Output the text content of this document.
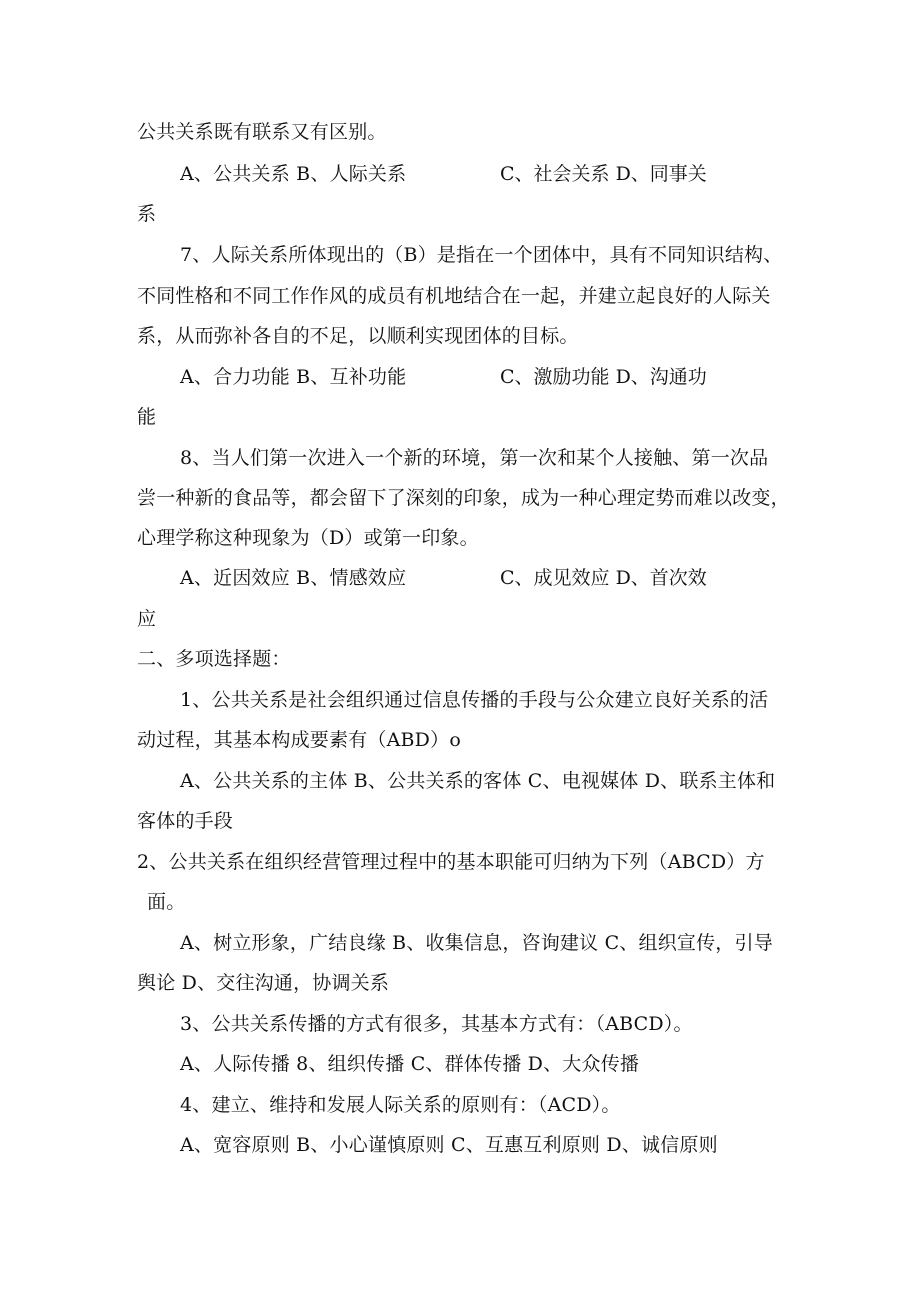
公共关系既有联系又有区别。
A、公共关系 B、人际关系	C、社会关系 D、同事关
系
7、人际关系所体现出的（B）是指在一个团体中，具有不同知识结构、
不同性格和不同工作作风的成员有机地结合在一起，并建立起良好的人际关
系，从而弥补各自的不足，以顺利实现团体的目标。
A、合力功能 B、互补功能	C、激励功能 D、沟通功
能
8、当人们第一次进入一个新的环境，第一次和某个人接触、第一次品
尝一种新的食品等，都会留下了深刻的印象，成为一种心理定势而难以改变，
心理学称这种现象为（D）或第一印象。
A、近因效应 B、情感效应	C、成见效应 D、首次效
应
二、多项选择题：
1、公共关系是社会组织通过信息传播的手段与公众建立良好关系的活
动过程，其基本构成要素有（ABD）o
A、公共关系的主体 B、公共关系的客体 C、电视媒体 D、联系主体和
客体的手段
2、公共关系在组织经营管理过程中的基本职能可归纳为下列（ABCD）方
面。
A、树立形象，广结良缘 B、收集信息，咨询建议 C、组织宣传，引导
舆论 D、交往沟通，协调关系
3、公共关系传播的方式有很多，其基本方式有：（ABCD）。
A、人际传播 8、组织传播 C、群体传播 D、大众传播
4、建立、维持和发展人际关系的原则有：（ACD）。
A、宽容原则 B、小心谨慎原则 C、互惠互利原则 D、诚信原则
